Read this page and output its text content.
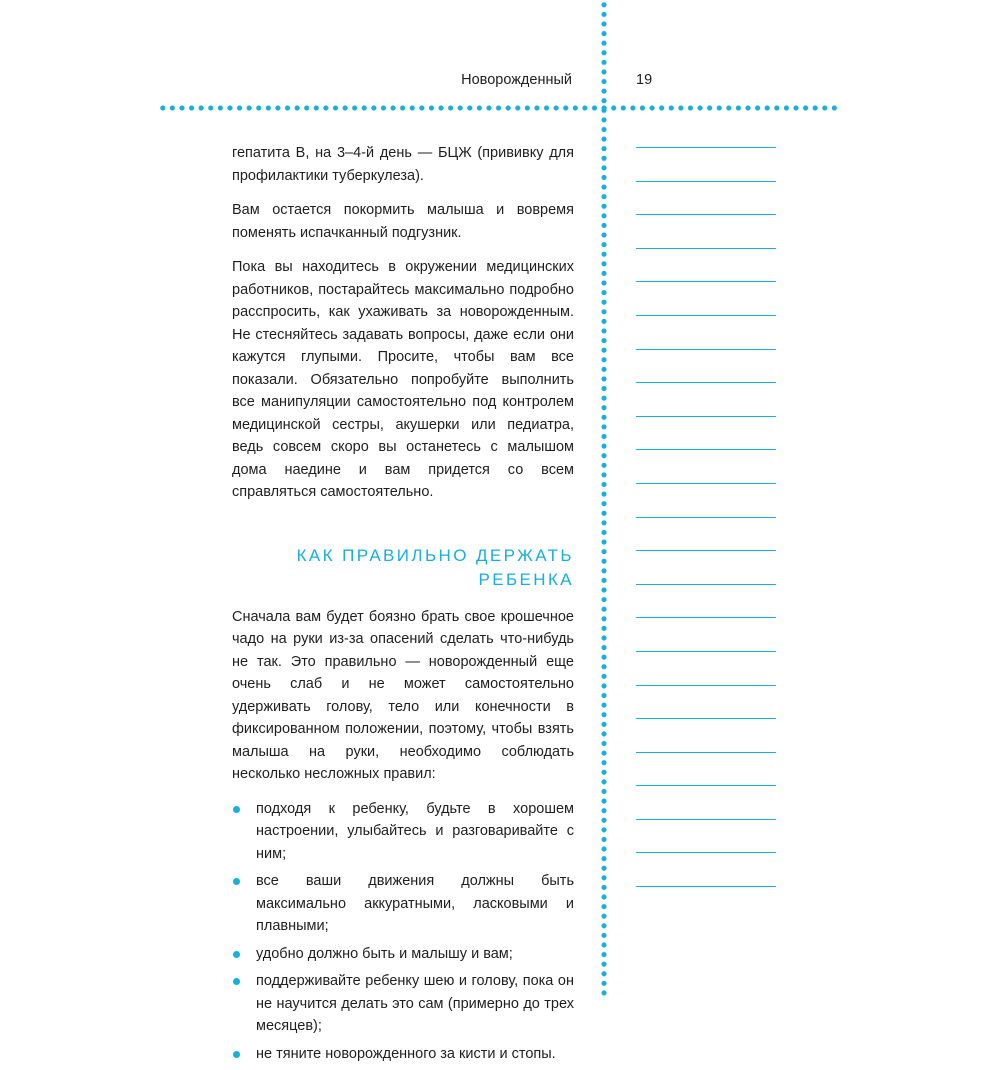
Новорожденный	19

гепатита В, на 3–4-й день — БЦЖ (прививку для профилактики туберкулеза).

Вам остается покормить малыша и вовремя поменять испачканный подгузник.

Пока вы находитесь в окружении медицинских работников, постарайтесь максимально подробно расспросить, как ухаживать за новорожденным. Не стесняйтесь задавать вопросы, даже если они кажутся глупыми. Просите, чтобы вам все показали. Обязательно попробуйте выполнить все манипуляции самостоятельно под контролем медицинской сестры, акушерки или педиатра, ведь совсем скоро вы останетесь с малышом дома наедине и вам придется со всем справляться самостоятельно.

КАК ПРАВИЛЬНО ДЕРЖАТЬ РЕБЕНКА

Сначала вам будет боязно брать свое крошечное чадо на руки из-за опасений сделать что-нибудь не так. Это правильно — новорожденный еще очень слаб и не может самостоятельно удерживать голову, тело или конечности в фиксированном положении, поэтому, чтобы взять малыша на руки, необходимо соблюдать несколько несложных правил:

подходя к ребенку, будьте в хорошем настроении, улыбайтесь и разговаривайте с ним;
все ваши движения должны быть максимально аккуратными, ласковыми и плавными;
удобно должно быть и малышу и вам;
поддерживайте ребенку шею и голову, пока он не научится делать это сам (примерно до трех месяцев);
не тяните новорожденного за кисти и стопы.
